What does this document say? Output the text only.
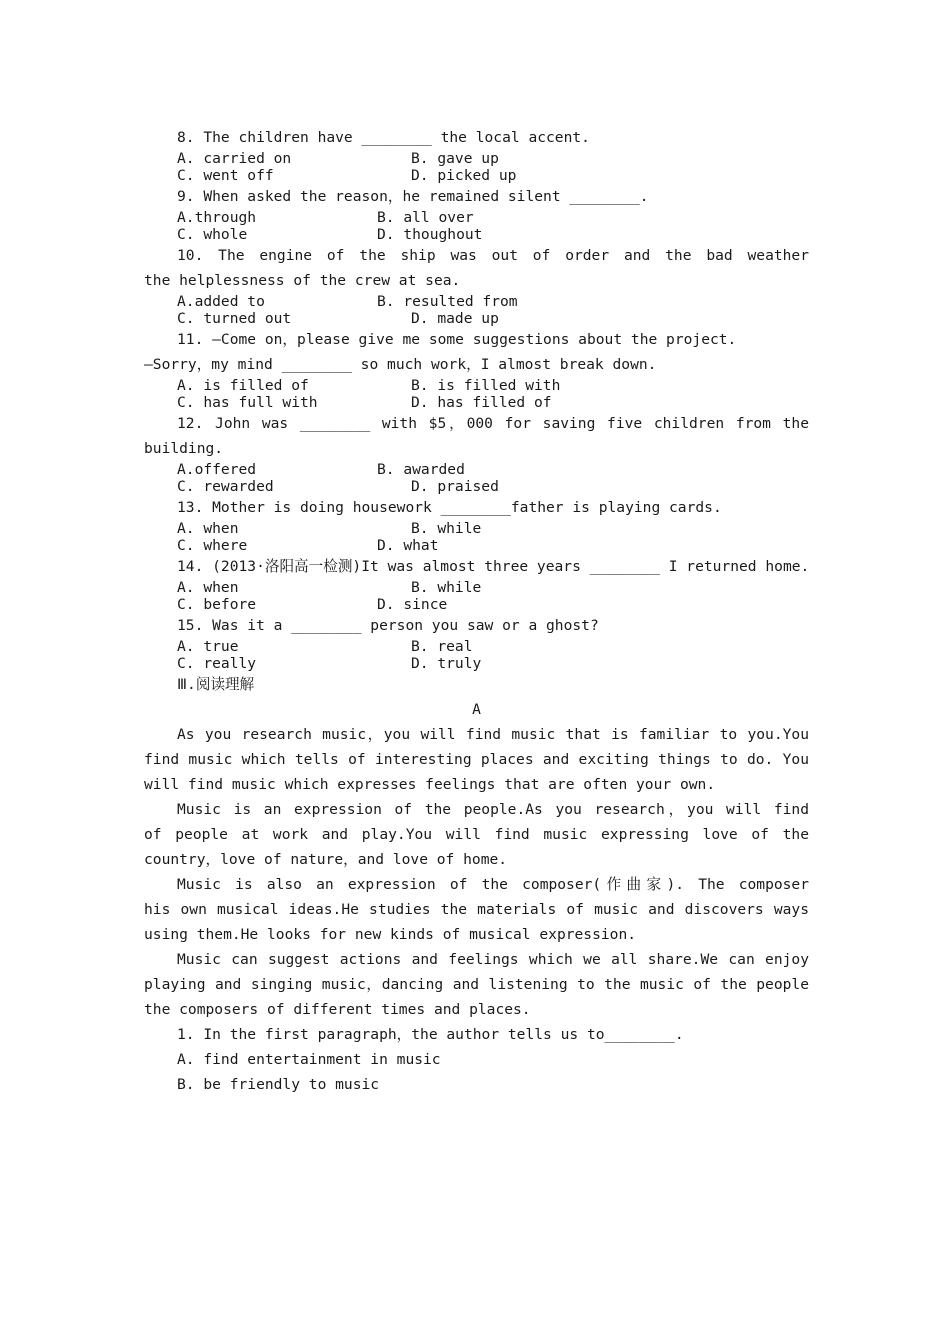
8. The children have ________ the local accent.
A. carried on	B. gave up
C. went off	D. picked up
9. When asked the reason，he remained silent ________.
A.through	B. all over
C. whole	D. thoughout
10. The engine of the ship was out of order and the bad weather
the helplessness of the crew at sea.
A.added to	B. resulted from
C. turned out	D. made up
11. —Come on，please give me some suggestions about the project.
—Sorry，my mind ________ so much work，I almost break down.
A. is filled of	B. is filled with
C. has full with	D. has filled of
12. John was ________ with $5，000 for saving five children from the
building.
A.offered	B. awarded
C. rewarded	D. praised
13. Mother is doing housework ________father is playing cards.
A. when	B. while
C. where	D. what
14. (2013·洛阳高一检测)It was almost three years ________ I returned home.
A. when	B. while
C. before	D. since
15. Was it a ________ person you saw or a ghost?
A. true	B. real
C. really	D. truly
Ⅲ.阅读理解
A
As you research music，you will find music that is familiar to you.You
find music which tells of interesting places and exciting things to do. You
will find music which expresses feelings that are often your own.
Music is an expression of the people.As you research，you will find
of people at work and play.You will find music expressing love of the
country，love of nature，and love of home.
Music is also an expression of the composer(作曲家). The composer
his own musical ideas.He studies the materials of music and discovers ways
using them.He looks for new kinds of musical expression.
Music can suggest actions and feelings which we all share.We can enjoy
playing and singing music，dancing and listening to the music of the people
the composers of different times and places.
1. In the first paragraph，the author tells us to________.
A. find entertainment in music
B. be friendly to music
